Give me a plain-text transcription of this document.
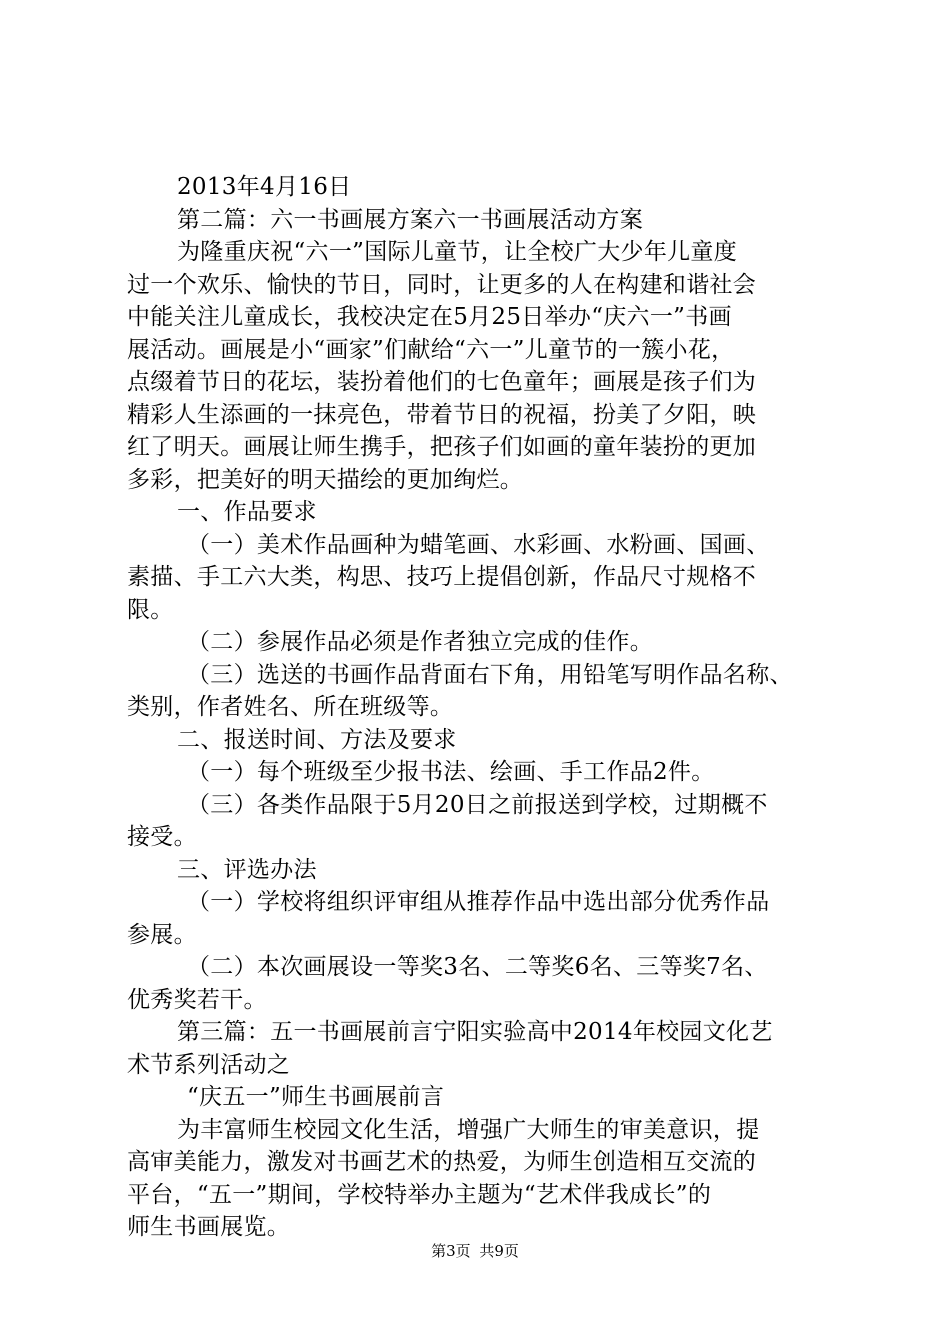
2013年4月16日
第二篇：六一书画展方案六一书画展活动方案
为隆重庆祝“六一”国际儿童节，让全校广大少年儿童度
过一个欢乐、愉快的节日，同时，让更多的人在构建和谐社会
中能关注儿童成长，我校决定在5月25日举办“庆六一”书画
展活动。画展是小“画家”们献给“六一”儿童节的一簇小花，
点缀着节日的花坛，装扮着他们的七色童年；画展是孩子们为
精彩人生添画的一抹亮色，带着节日的祝福，扮美了夕阳，映
红了明天。画展让师生携手，把孩子们如画的童年装扮的更加
多彩，把美好的明天描绘的更加绚烂。
一、作品要求
（一）美术作品画种为蜡笔画、水彩画、水粉画、国画、
素描、手工六大类，构思、技巧上提倡创新，作品尺寸规格不
限。
（二）参展作品必须是作者独立完成的佳作。
（三）选送的书画作品背面右下角，用铅笔写明作品名称、
类别，作者姓名、所在班级等。
二、报送时间、方法及要求
（一）每个班级至少报书法、绘画、手工作品2件。
（三）各类作品限于5月20日之前报送到学校，过期概不
接受。
三、评选办法
（一）学校将组织评审组从推荐作品中选出部分优秀作品
参展。
（二）本次画展设一等奖3名、二等奖6名、三等奖7名、
优秀奖若干。
第三篇：五一书画展前言宁阳实验高中2014年校园文化艺
术节系列活动之
“庆五一”师生书画展前言
为丰富师生校园文化生活，增强广大师生的审美意识，提
高审美能力，激发对书画艺术的热爱，为师生创造相互交流的
平台，“五一”期间，学校特举办主题为“艺术伴我成长”的
师生书画展览。
第3页 共9页
